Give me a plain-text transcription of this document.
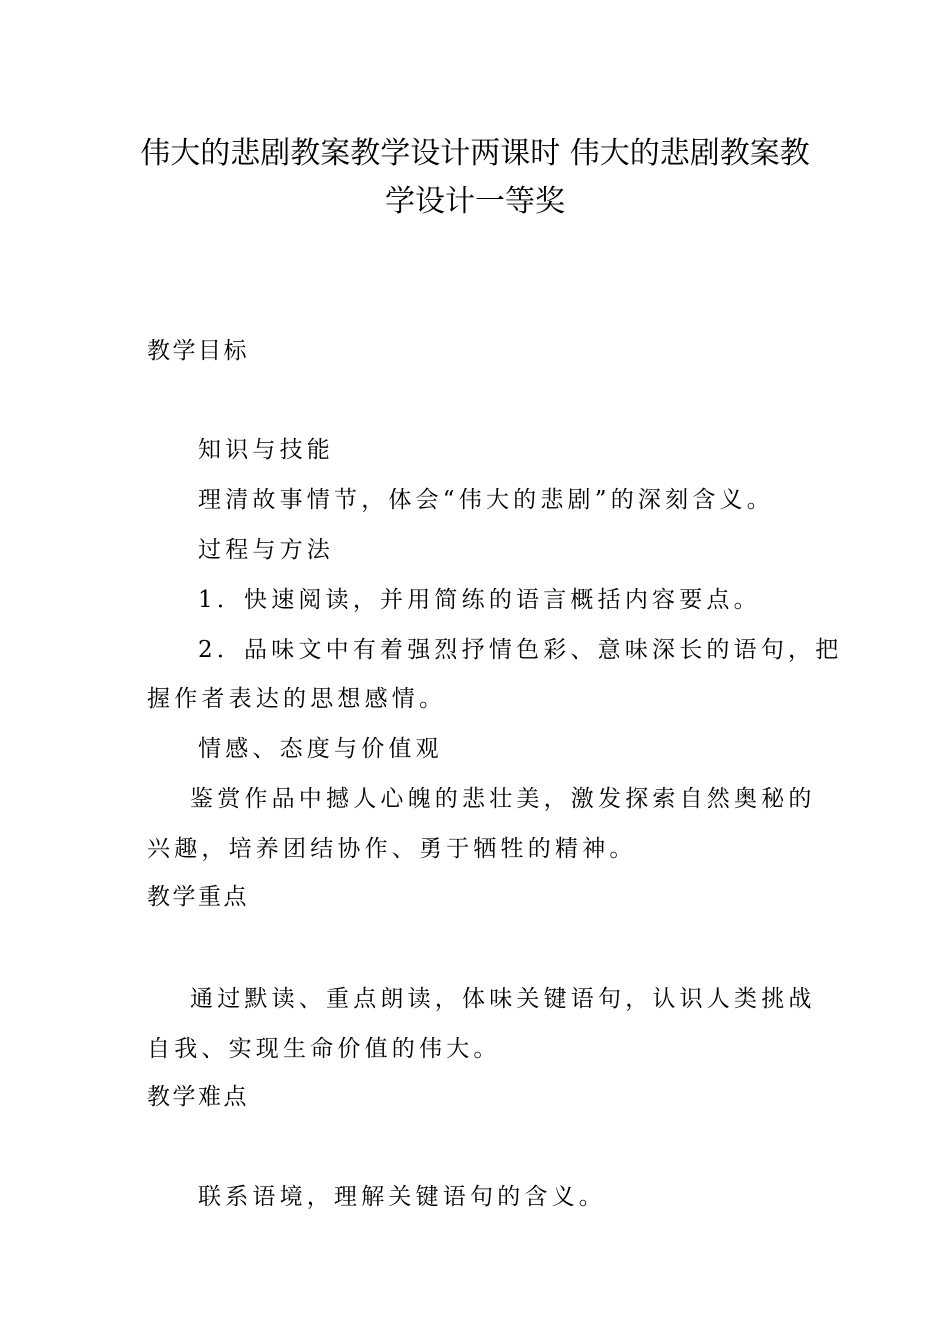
伟大的悲剧教案教学设计两课时 伟大的悲剧教案教
学设计一等奖
教学目标
知识与技能
理清故事情节，体会“伟大的悲剧”的深刻含义。
过程与方法
1．快速阅读，并用简练的语言概括内容要点。
2．品味文中有着强烈抒情色彩、意味深长的语句，把
握作者表达的思想感情。
情感、态度与价值观
鉴赏作品中撼人心魄的悲壮美，激发探索自然奥秘的
兴趣，培养团结协作、勇于牺牲的精神。
教学重点
通过默读、重点朗读，体味关键语句，认识人类挑战
自我、实现生命价值的伟大。
教学难点
联系语境，理解关键语句的含义。
